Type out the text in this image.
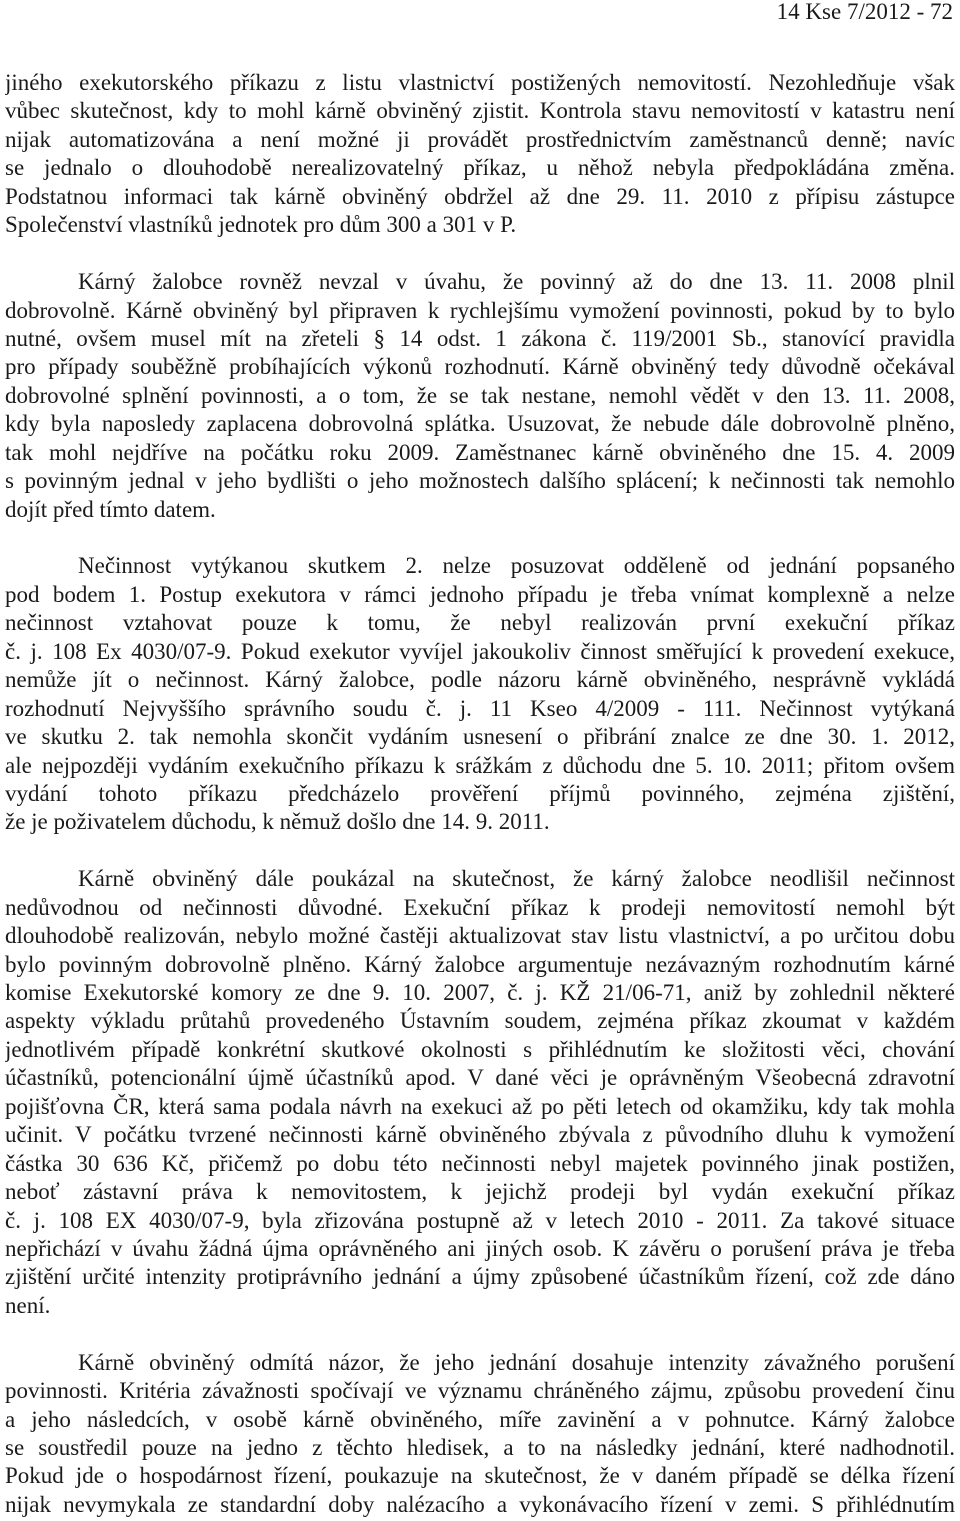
14 Kse 7/2012 - 72
jiného exekutorského příkazu z listu vlastnictví postižených nemovitostí. Nezohledňuje však
vůbec skutečnost, kdy to mohl kárně obviněný zjistit. Kontrola stavu nemovitostí v katastru není
nijak automatizována a není možné ji provádět prostřednictvím zaměstnanců denně; navíc
se jednalo o dlouhodobě nerealizovatelný příkaz, u něhož nebyla předpokládána změna.
Podstatnou informaci tak kárně obviněný obdržel až dne 29. 11. 2010 z přípisu zástupce
Společenství vlastníků jednotek pro dům 300 a 301 v P.
Kárný žalobce rovněž nevzal v úvahu, že povinný až do dne 13. 11. 2008 plnil
dobrovolně. Kárně obviněný byl připraven k rychlejšímu vymožení povinnosti, pokud by to bylo
nutné, ovšem musel mít na zřeteli § 14 odst. 1 zákona č. 119/2001 Sb., stanovící pravidla
pro případy souběžně probíhajících výkonů rozhodnutí. Kárně obviněný tedy důvodně očekával
dobrovolné splnění povinnosti, a o tom, že se tak nestane, nemohl vědět v den 13. 11. 2008,
kdy byla naposledy zaplacena dobrovolná splátka. Usuzovat, že nebude dále dobrovolně plněno,
tak mohl nejdříve na počátku roku 2009. Zaměstnanec kárně obviněného dne 15. 4. 2009
s povinným jednal v jeho bydlišti o jeho možnostech dalšího splácení; k nečinnosti tak nemohlo
dojít před tímto datem.
Nečinnost vytýkanou skutkem 2. nelze posuzovat odděleně od jednání popsaného
pod bodem 1. Postup exekutora v rámci jednoho případu je třeba vnímat komplexně a nelze
nečinnost vztahovat pouze k tomu, že nebyl realizován první exekuční příkaz
č. j. 108 Ex 4030/07-9. Pokud exekutor vyvíjel jakoukoliv činnost směřující k provedení exekuce,
nemůže jít o nečinnost. Kárný žalobce, podle názoru kárně obviněného, nesprávně vykládá
rozhodnutí Nejvyššího správního soudu č. j. 11 Kseo 4/2009 - 111. Nečinnost vytýkaná
ve skutku 2. tak nemohla skončit vydáním usnesení o přibrání znalce ze dne 30. 1. 2012,
ale nejpozději vydáním exekučního příkazu k srážkám z důchodu dne 5. 10. 2011; přitom ovšem
vydání tohoto příkazu předcházelo prověření příjmů povinného, zejména zjištění,
že je poživatelem důchodu, k němuž došlo dne 14. 9. 2011.
Kárně obviněný dále poukázal na skutečnost, že kárný žalobce neodlišil nečinnost
nedůvodnou od nečinnosti důvodné. Exekuční příkaz k prodeji nemovitostí nemohl být
dlouhodobě realizován, nebylo možné častěji aktualizovat stav listu vlastnictví, a po určitou dobu
bylo povinným dobrovolně plněno. Kárný žalobce argumentuje nezávazným rozhodnutím kárné
komise Exekutorské komory ze dne 9. 10. 2007, č. j. KŽ 21/06-71, aniž by zohlednil některé
aspekty výkladu průtahů provedeného Ústavním soudem, zejména příkaz zkoumat v každém
jednotlivém případě konkrétní skutkové okolnosti s přihlédnutím ke složitosti věci, chování
účastníků, potencionální újmě účastníků apod. V dané věci je oprávněným Všeobecná zdravotní
pojišťovna ČR, která sama podala návrh na exekuci až po pěti letech od okamžiku, kdy tak mohla
učinit. V počátku tvrzené nečinnosti kárně obviněného zbývala z původního dluhu k vymožení
částka 30 636 Kč, přičemž po dobu této nečinnosti nebyl majetek povinného jinak postižen,
neboť zástavní práva k nemovitostem, k jejichž prodeji byl vydán exekuční příkaz
č. j. 108 EX 4030/07-9, byla zřizována postupně až v letech 2010 - 2011. Za takové situace
nepřichází v úvahu žádná újma oprávněného ani jiných osob. K závěru o porušení práva je třeba
zjištění určité intenzity protiprávního jednání a újmy způsobené účastníkům řízení, což zde dáno
není.
Kárně obviněný odmítá názor, že jeho jednání dosahuje intenzity závažného porušení
povinnosti. Kritéria závažnosti spočívají ve významu chráněného zájmu, způsobu provedení činu
a jeho následcích, v osobě kárně obviněného, míře zavinění a v pohnutce. Kárný žalobce
se soustředil pouze na jedno z těchto hledisek, a to na následky jednání, které nadhodnotil.
Pokud jde o hospodárnost řízení, poukazuje na skutečnost, že v daném případě se délka řízení
nijak nevymykala ze standardní doby nalézacího a vykonávacího řízení v zemi. S přihlédnutím
